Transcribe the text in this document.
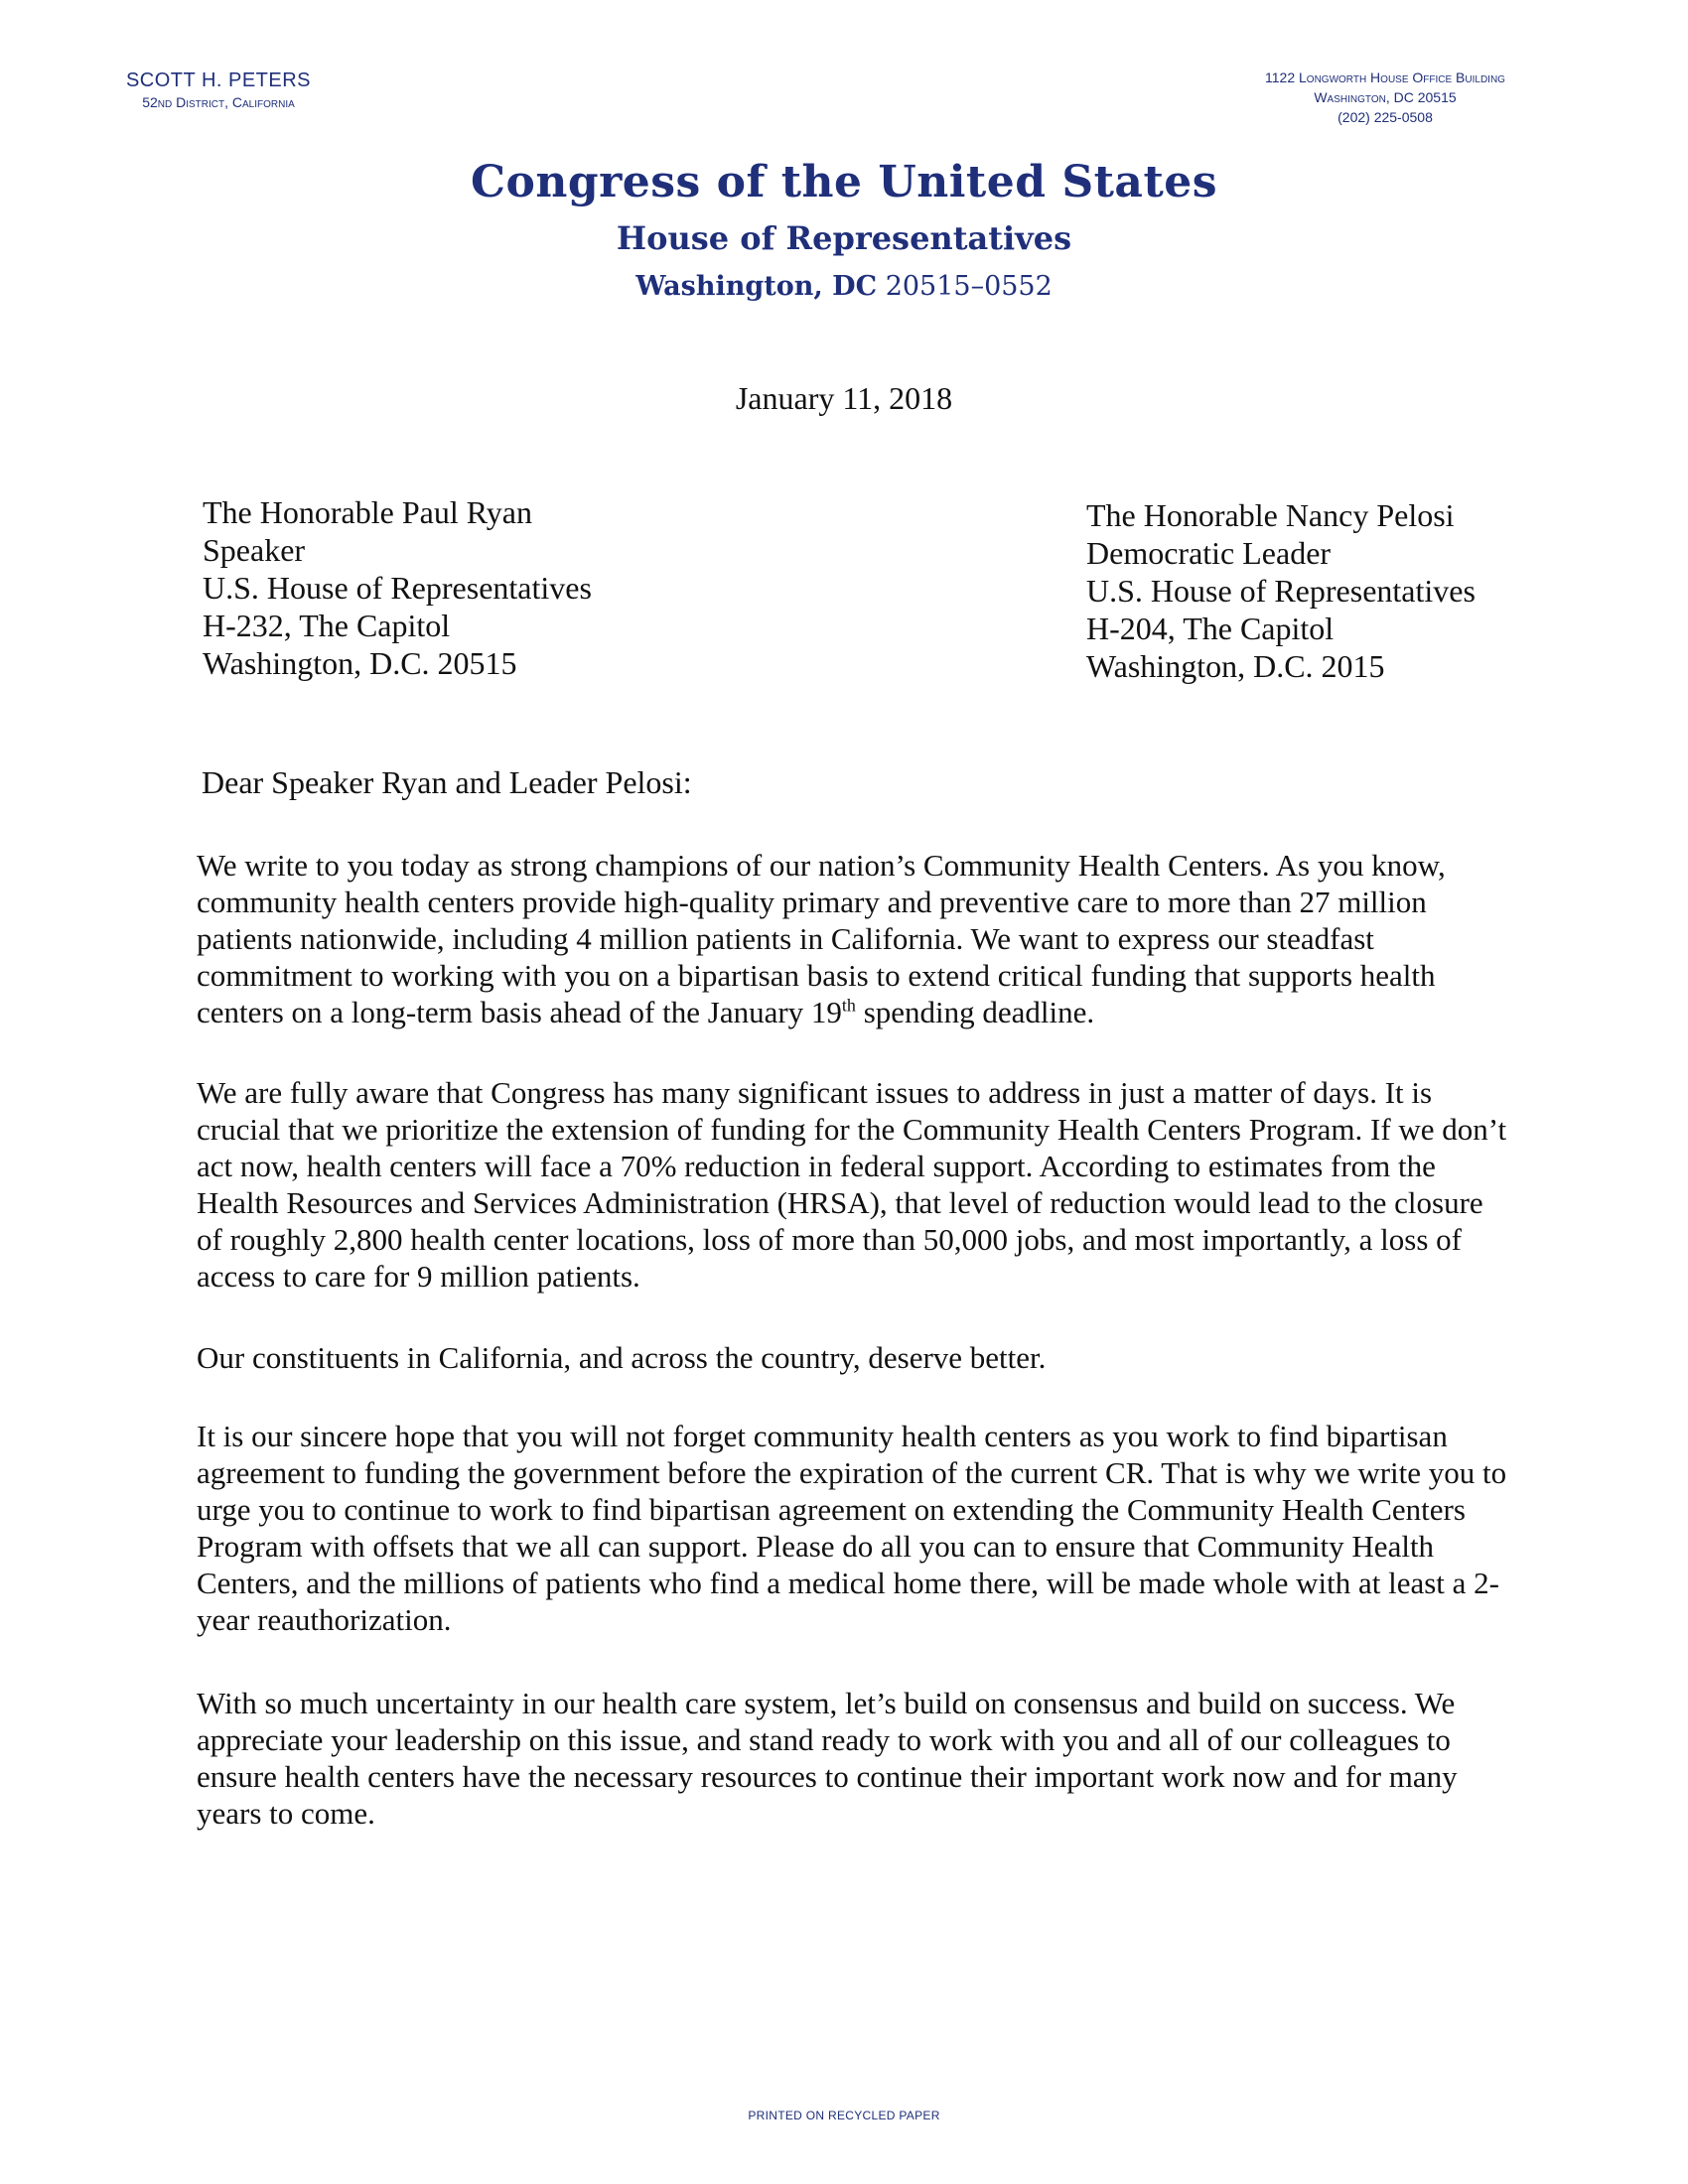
SCOTT H. PETERS
52nd District, California
1122 Longworth House Office Building
Washington, DC 20515
(202) 225-0508
Congress of the United States
House of Representatives
Washington, DC 20515–0552
January 11, 2018
The Honorable Paul Ryan
Speaker
U.S. House of Representatives
H-232, The Capitol
Washington, D.C. 20515
The Honorable Nancy Pelosi
Democratic Leader
U.S. House of Representatives
H-204, The Capitol
Washington, D.C. 2015
Dear Speaker Ryan and Leader Pelosi:

We write to you today as strong champions of our nation’s Community Health Centers. As you know, community health centers provide high-quality primary and preventive care to more than 27 million patients nationwide, including 4 million patients in California. We want to express our steadfast commitment to working with you on a bipartisan basis to extend critical funding that supports health centers on a long-term basis ahead of the January 19th spending deadline.

We are fully aware that Congress has many significant issues to address in just a matter of days. It is crucial that we prioritize the extension of funding for the Community Health Centers Program. If we don’t act now, health centers will face a 70% reduction in federal support. According to estimates from the Health Resources and Services Administration (HRSA), that level of reduction would lead to the closure of roughly 2,800 health center locations, loss of more than 50,000 jobs, and most importantly, a loss of access to care for 9 million patients.

Our constituents in California, and across the country, deserve better.

It is our sincere hope that you will not forget community health centers as you work to find bipartisan agreement to funding the government before the expiration of the current CR. That is why we write you to urge you to continue to work to find bipartisan agreement on extending the Community Health Centers Program with offsets that we all can support. Please do all you can to ensure that Community Health Centers, and the millions of patients who find a medical home there, will be made whole with at least a 2-year reauthorization.

With so much uncertainty in our health care system, let’s build on consensus and build on success. We appreciate your leadership on this issue, and stand ready to work with you and all of our colleagues to ensure health centers have the necessary resources to continue their important work now and for many years to come.

PRINTED ON RECYCLED PAPER
